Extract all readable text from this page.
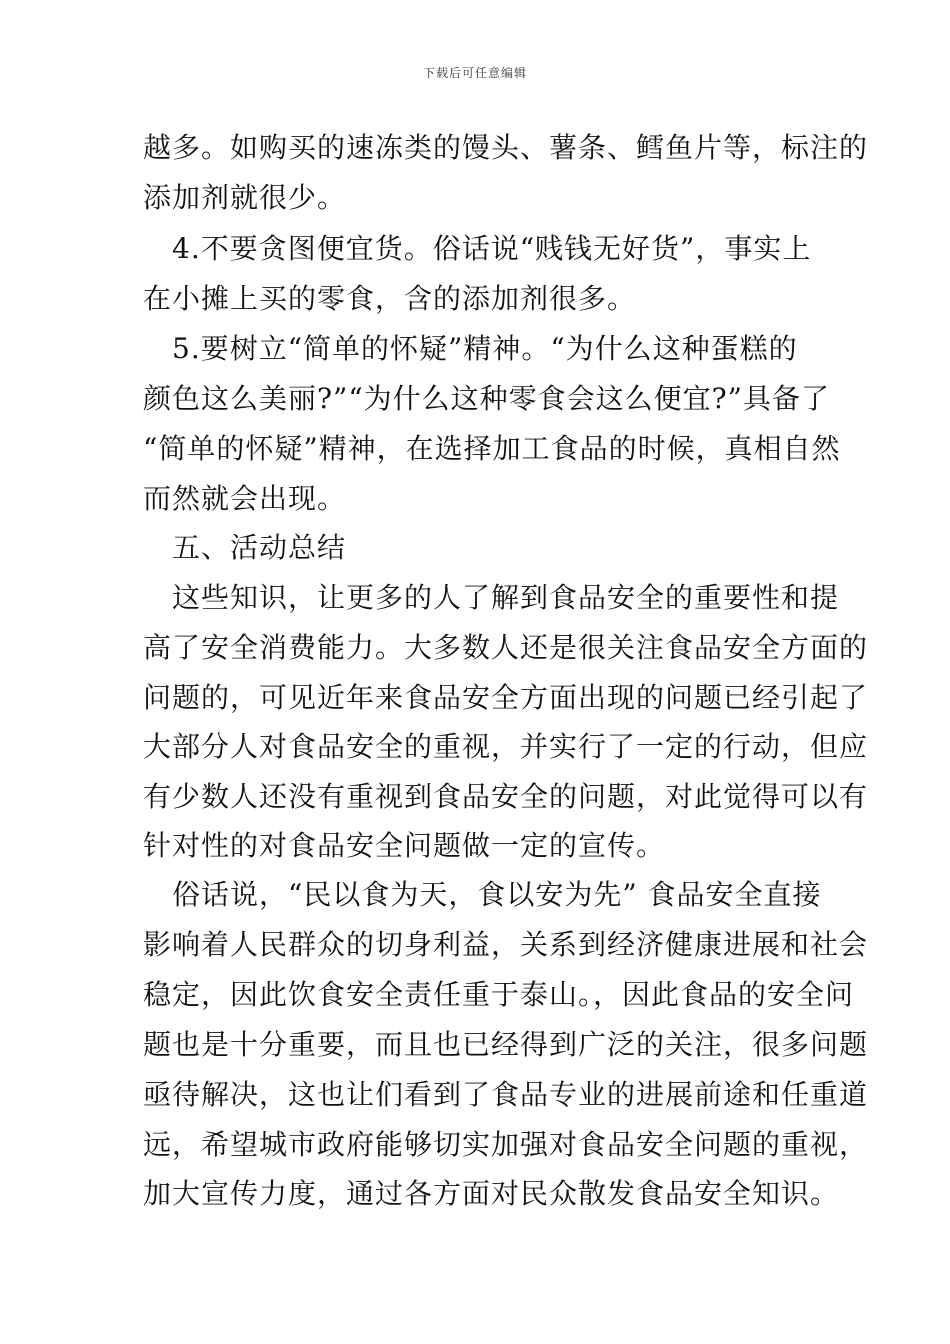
下载后可任意编辑
越多。如购买的速冻类的馒头、薯条、鳕鱼片等，标注的
添加剂就很少。
　4.不要贪图便宜货。俗话说“贱钱无好货”，事实上
在小摊上买的零食，含的添加剂很多。
　5.要树立“简单的怀疑”精神。“为什么这种蛋糕的
颜色这么美丽?”“为什么这种零食会这么便宜?”具备了
“简单的怀疑”精神，在选择加工食品的时候，真相自然
而然就会出现。
　五、活动总结
　这些知识，让更多的人了解到食品安全的重要性和提
高了安全消费能力。大多数人还是很关注食品安全方面的
问题的，可见近年来食品安全方面出现的问题已经引起了
大部分人对食品安全的重视，并实行了一定的行动，但应
有少数人还没有重视到食品安全的问题，对此觉得可以有
针对性的对食品安全问题做一定的宣传。
　俗话说，“民以食为天，食以安为先” 食品安全直接
影响着人民群众的切身利益，关系到经济健康进展和社会
稳定，因此饮食安全责任重于泰山。，因此食品的安全问
题也是十分重要，而且也已经得到广泛的关注，很多问题
亟待解决，这也让们看到了食品专业的进展前途和任重道
远，希望城市政府能够切实加强对食品安全问题的重视，
加大宣传力度，通过各方面对民众散发食品安全知识。
